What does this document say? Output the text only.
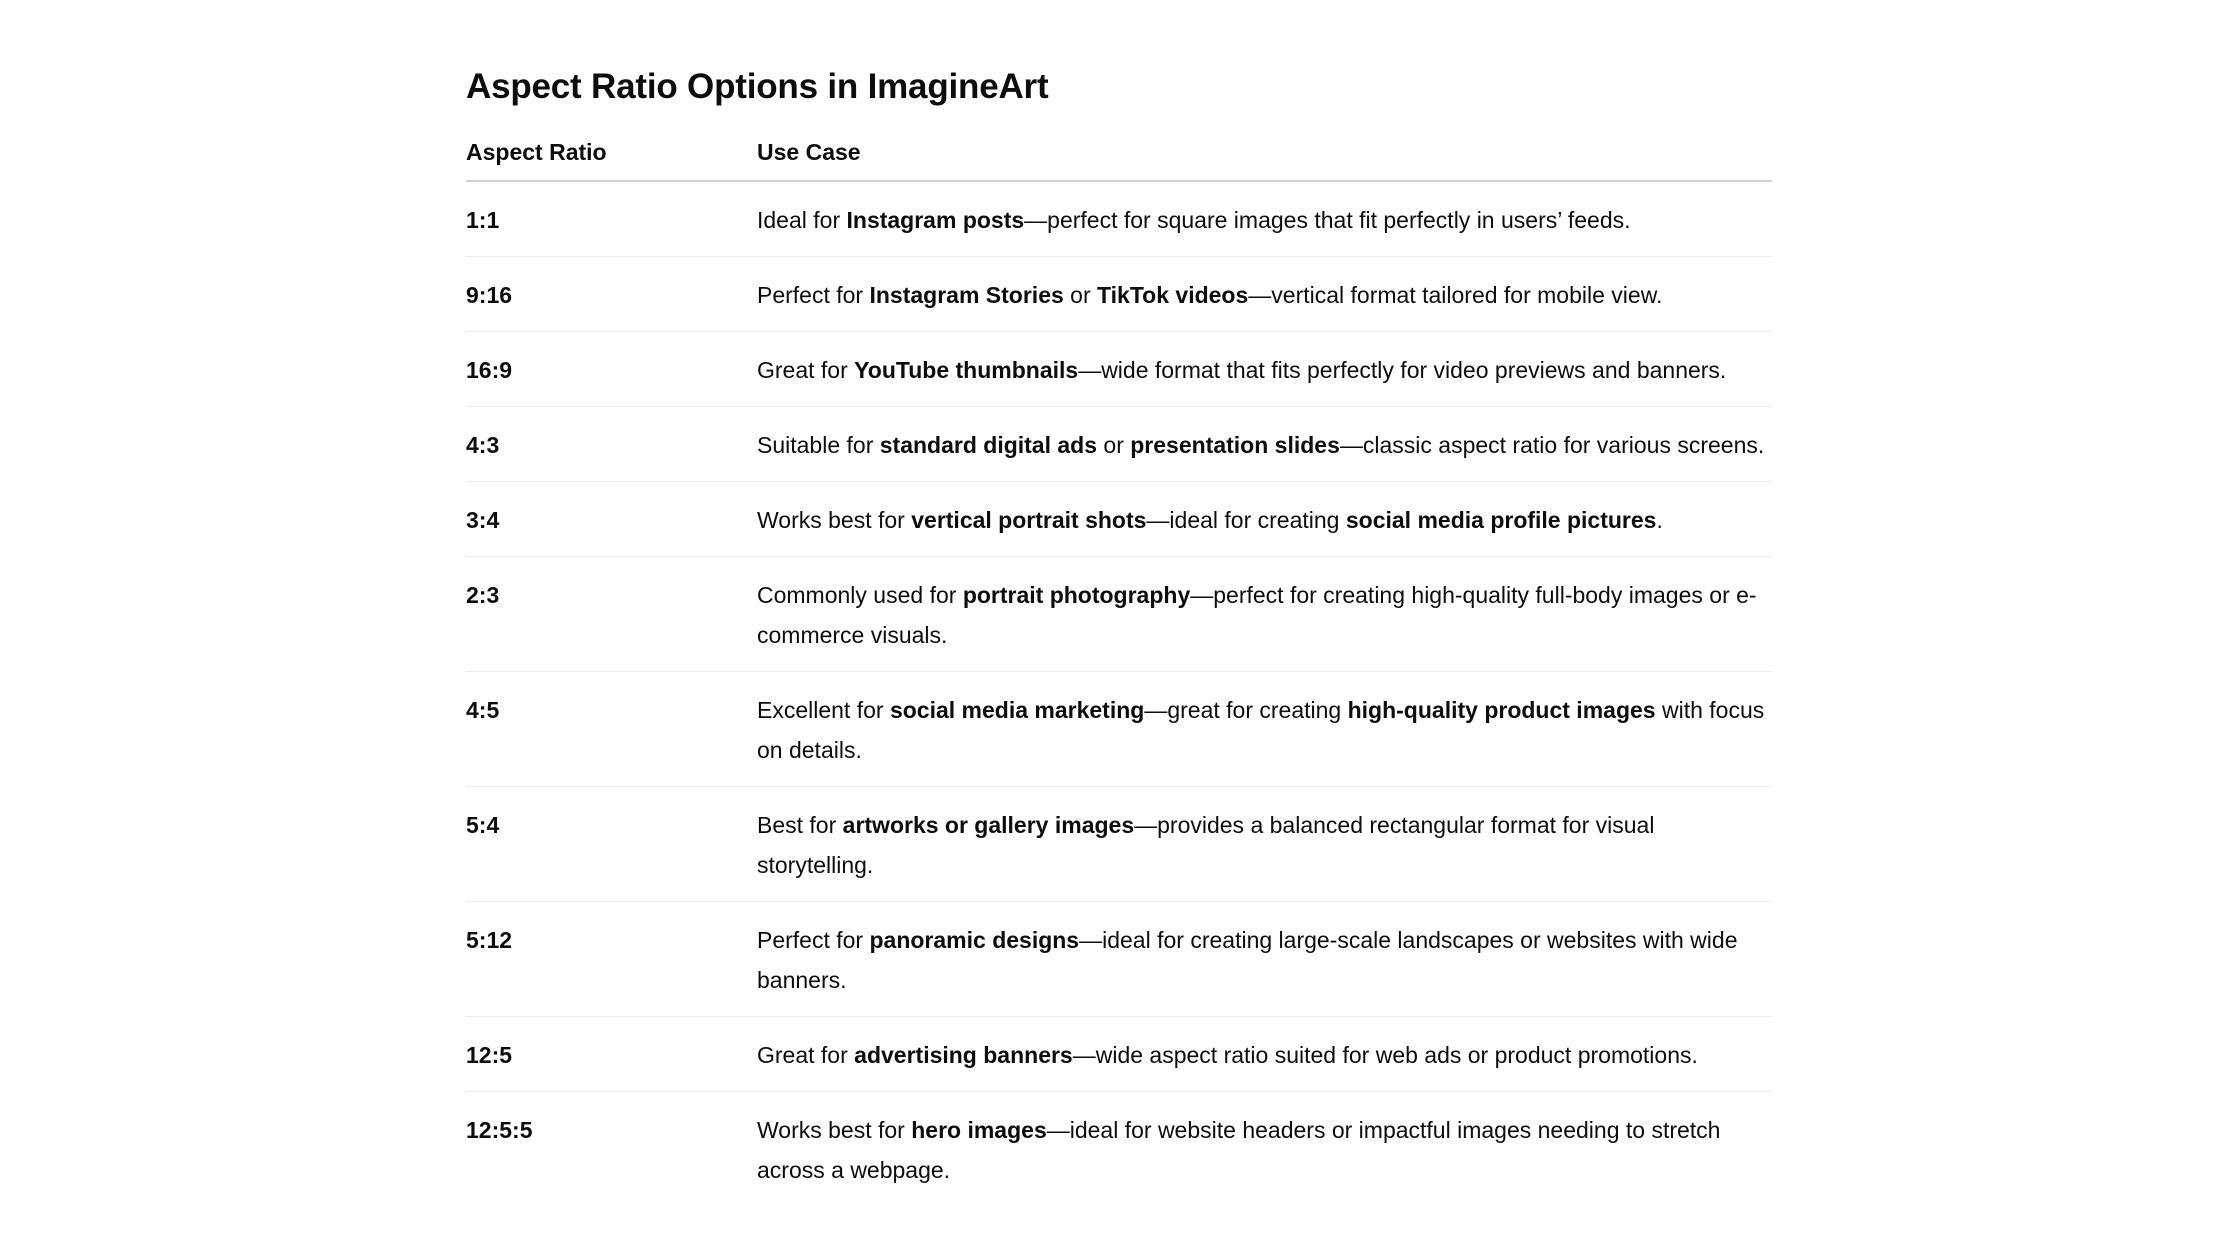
Aspect Ratio Options in ImagineArt
Aspect Ratio	Use Case
1:1	Ideal for Instagram posts—perfect for square images that fit perfectly in users’ feeds.
9:16	Perfect for Instagram Stories or TikTok videos—vertical format tailored for mobile view.
16:9	Great for YouTube thumbnails—wide format that fits perfectly for video previews and banners.
4:3	Suitable for standard digital ads or presentation slides—classic aspect ratio for various screens.
3:4	Works best for vertical portrait shots—ideal for creating social media profile pictures.
2:3	Commonly used for portrait photography—perfect for creating high-quality full-body images or e-commerce visuals.
4:5	Excellent for social media marketing—great for creating high-quality product images with focus on details.
5:4	Best for artworks or gallery images—provides a balanced rectangular format for visual storytelling.
5:12	Perfect for panoramic designs—ideal for creating large-scale landscapes or websites with wide banners.
12:5	Great for advertising banners—wide aspect ratio suited for web ads or product promotions.
12:5:5	Works best for hero images—ideal for website headers or impactful images needing to stretch across a webpage.
